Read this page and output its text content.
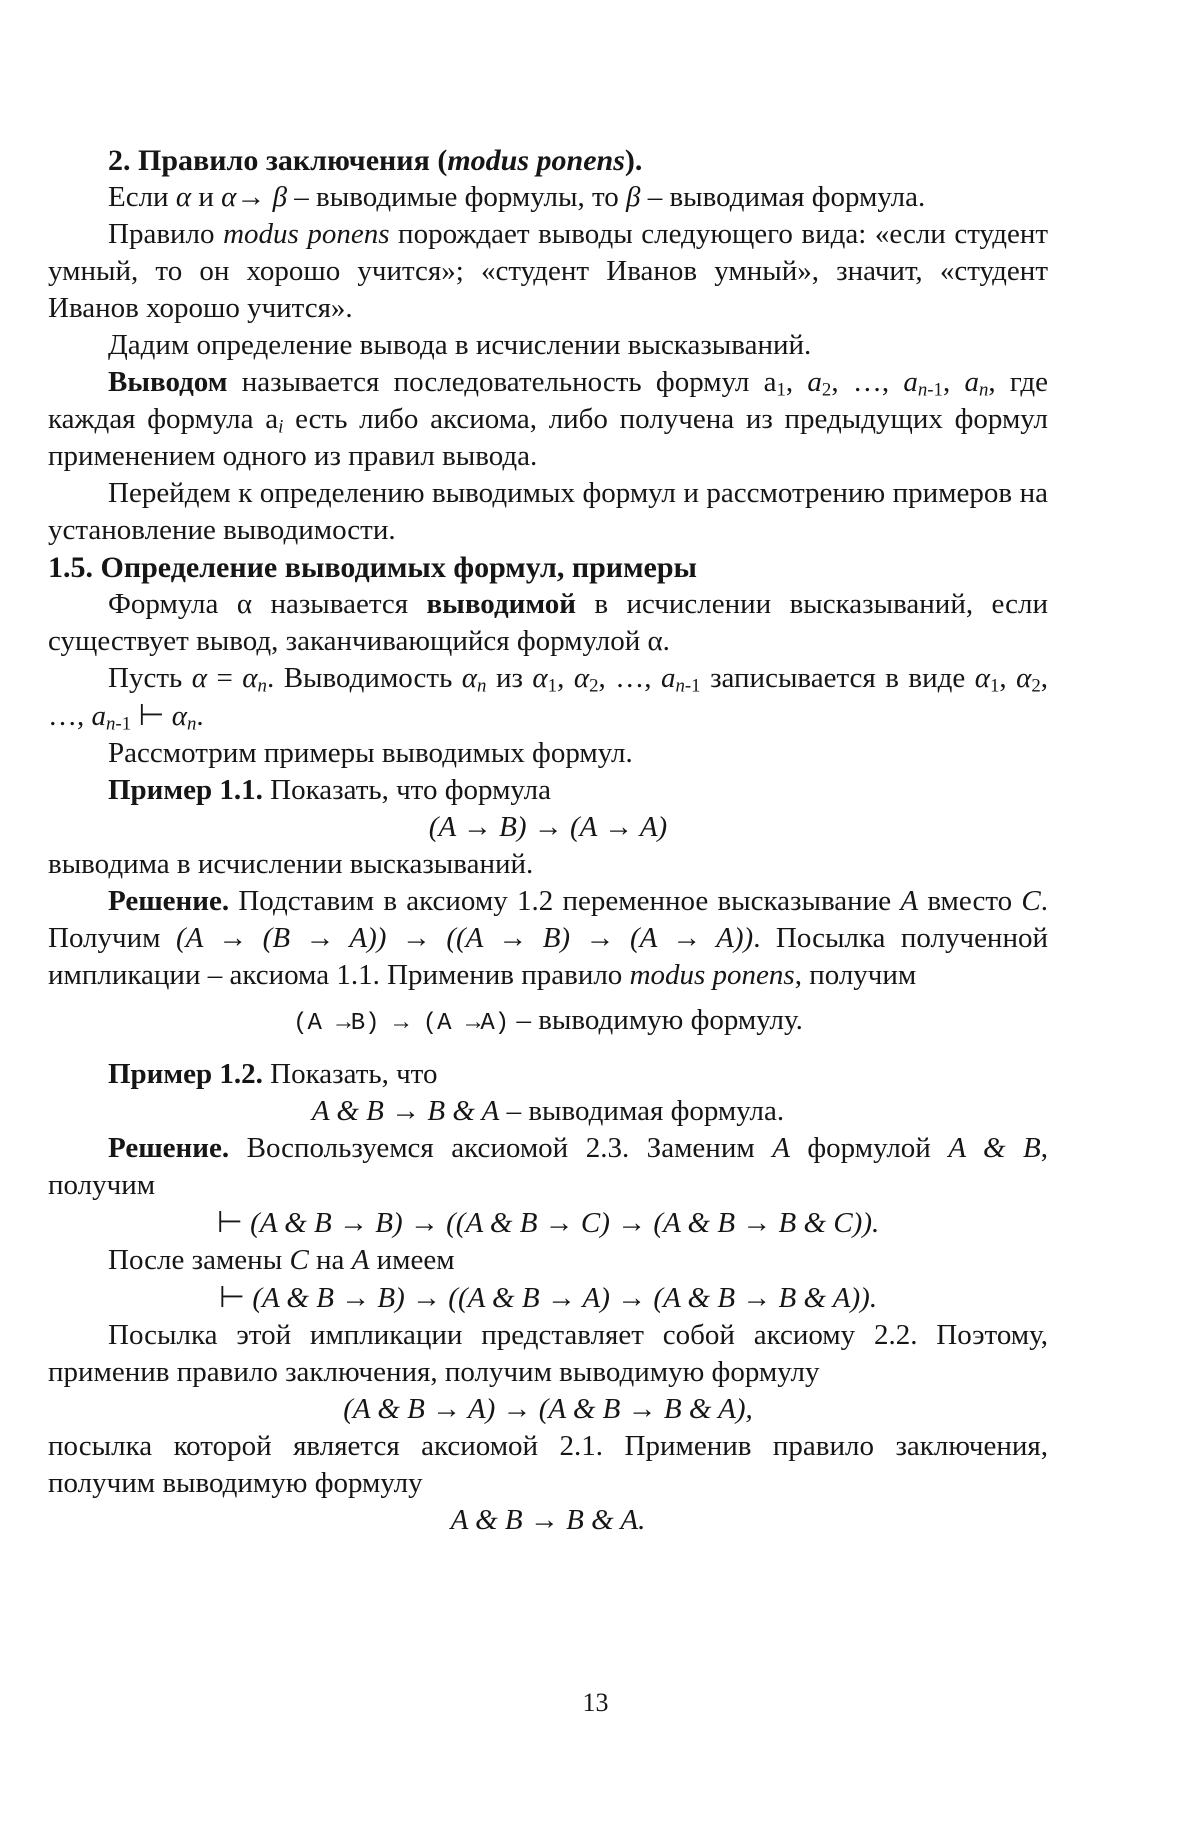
2. Правило заключения (modus ponens).

Если α и α→ β – выводимые формулы, то β – выводимая формула.

Правило modus ponens порождает выводы следующего вида: «если студент умный, то он хорошо учится»; «студент Иванов умный», значит, «студент Иванов хорошо учится».

Дадим определение вывода в исчислении высказываний.

Выводом называется последовательность формул $a_1$, $a_2$, …, $a_{n-1}$, $a_n$, где каждая формула $a_i$ есть либо аксиома, либо получена из предыдущих формул применением одного из правил вывода.

Перейдем к определению выводимых формул и рассмотрению примеров на установление выводимости.

1.5. Определение выводимых формул, примеры

Формула α называется выводимой в исчислении высказываний, если существует вывод, заканчивающийся формулой α.

Пусть $\alpha = \alpha_n$. Выводимость $\alpha_n$ из $\alpha_1$, $\alpha_2$, …, $a_{n-1}$ записывается в виде $\alpha_1$, $\alpha_2$, …, $a_{n-1}$ ⊢ $\alpha_n$.

Рассмотрим примеры выводимых формул.

Пример 1.1. Показать, что формула

(A → B) → (A → A)

выводима в исчислении высказываний.

Решение. Подставим в аксиому 1.2 переменное высказывание A вместо C. Получим (A → (B → A)) → ((A → B) → (A → A)). Посылка полученной импликации – аксиома 1.1. Применив правило modus ponens, получим

(A →B) → (A →A) – выводимую формулу.

Пример 1.2. Показать, что

A & B → B & A – выводимая формула.

Решение. Воспользуемся аксиомой 2.3. Заменим A формулой A & B, получим

⊢ (A & B → B) → ((A & B → C) → (A & B → B & C)).

После замены C на A имеем

⊢ (A & B → B) → ((A & B → A) → (A & B → B & A)).

Посылка этой импликации представляет собой аксиому 2.2. Поэтому, применив правило заключения, получим выводимую формулу

(A & B → A) → (A & B → B & A),

посылка которой является аксиомой 2.1. Применив правило заключения, получим выводимую формулу

A & B → B & A.

13
